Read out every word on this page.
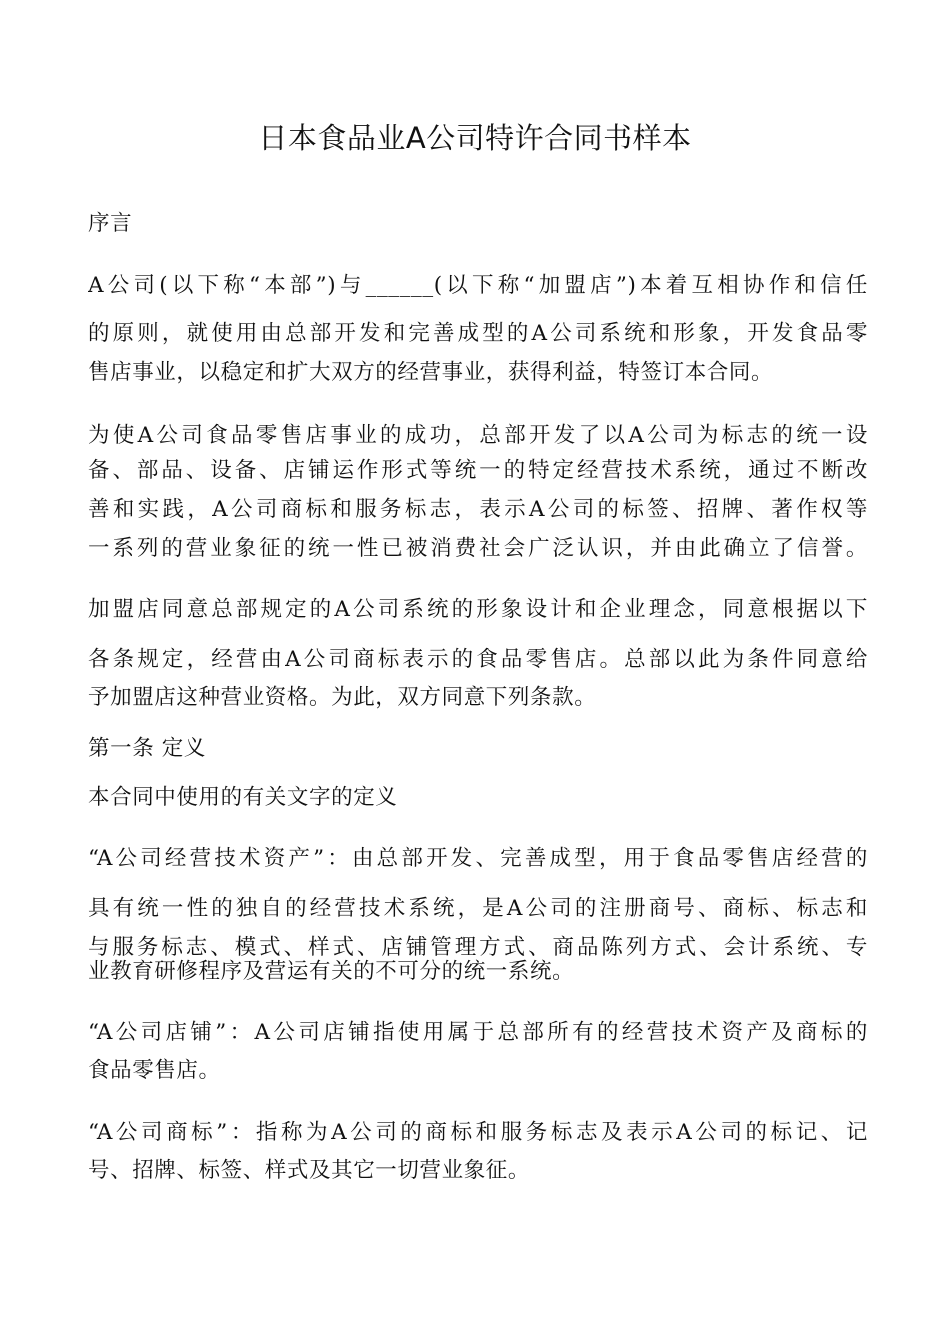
日本食品业A公司特许合同书样本
序言
A公司(以下称“本部”)与______(以下称“加盟店”)本着互相协作和信任
的原则，就使用由总部开发和完善成型的A公司系统和形象，开发食品零
售店事业，以稳定和扩大双方的经营事业，获得利益，特签订本合同。
为使A公司食品零售店事业的成功，总部开发了以A公司为标志的统一设
备、部品、设备、店铺运作形式等统一的特定经营技术系统，通过不断改
善和实践，A公司商标和服务标志，表示A公司的标签、招牌、著作权等
一系列的营业象征的统一性已被消费社会广泛认识，并由此确立了信誉。
加盟店同意总部规定的A公司系统的形象设计和企业理念，同意根据以下
各条规定，经营由A公司商标表示的食品零售店。总部以此为条件同意给
予加盟店这种营业资格。为此，双方同意下列条款。
第一条 定义
本合同中使用的有关文字的定义
“A公司经营技术资产”：由总部开发、完善成型，用于食品零售店经营的
具有统一性的独自的经营技术系统，是A公司的注册商号、商标、标志和
与服务标志、模式、样式、店铺管理方式、商品陈列方式、会计系统、专
业教育研修程序及营运有关的不可分的统一系统。
“A公司店铺”：A公司店铺指使用属于总部所有的经营技术资产及商标的
食品零售店。
“A公司商标”：指称为A公司的商标和服务标志及表示A公司的标记、记
号、招牌、标签、样式及其它一切营业象征。
